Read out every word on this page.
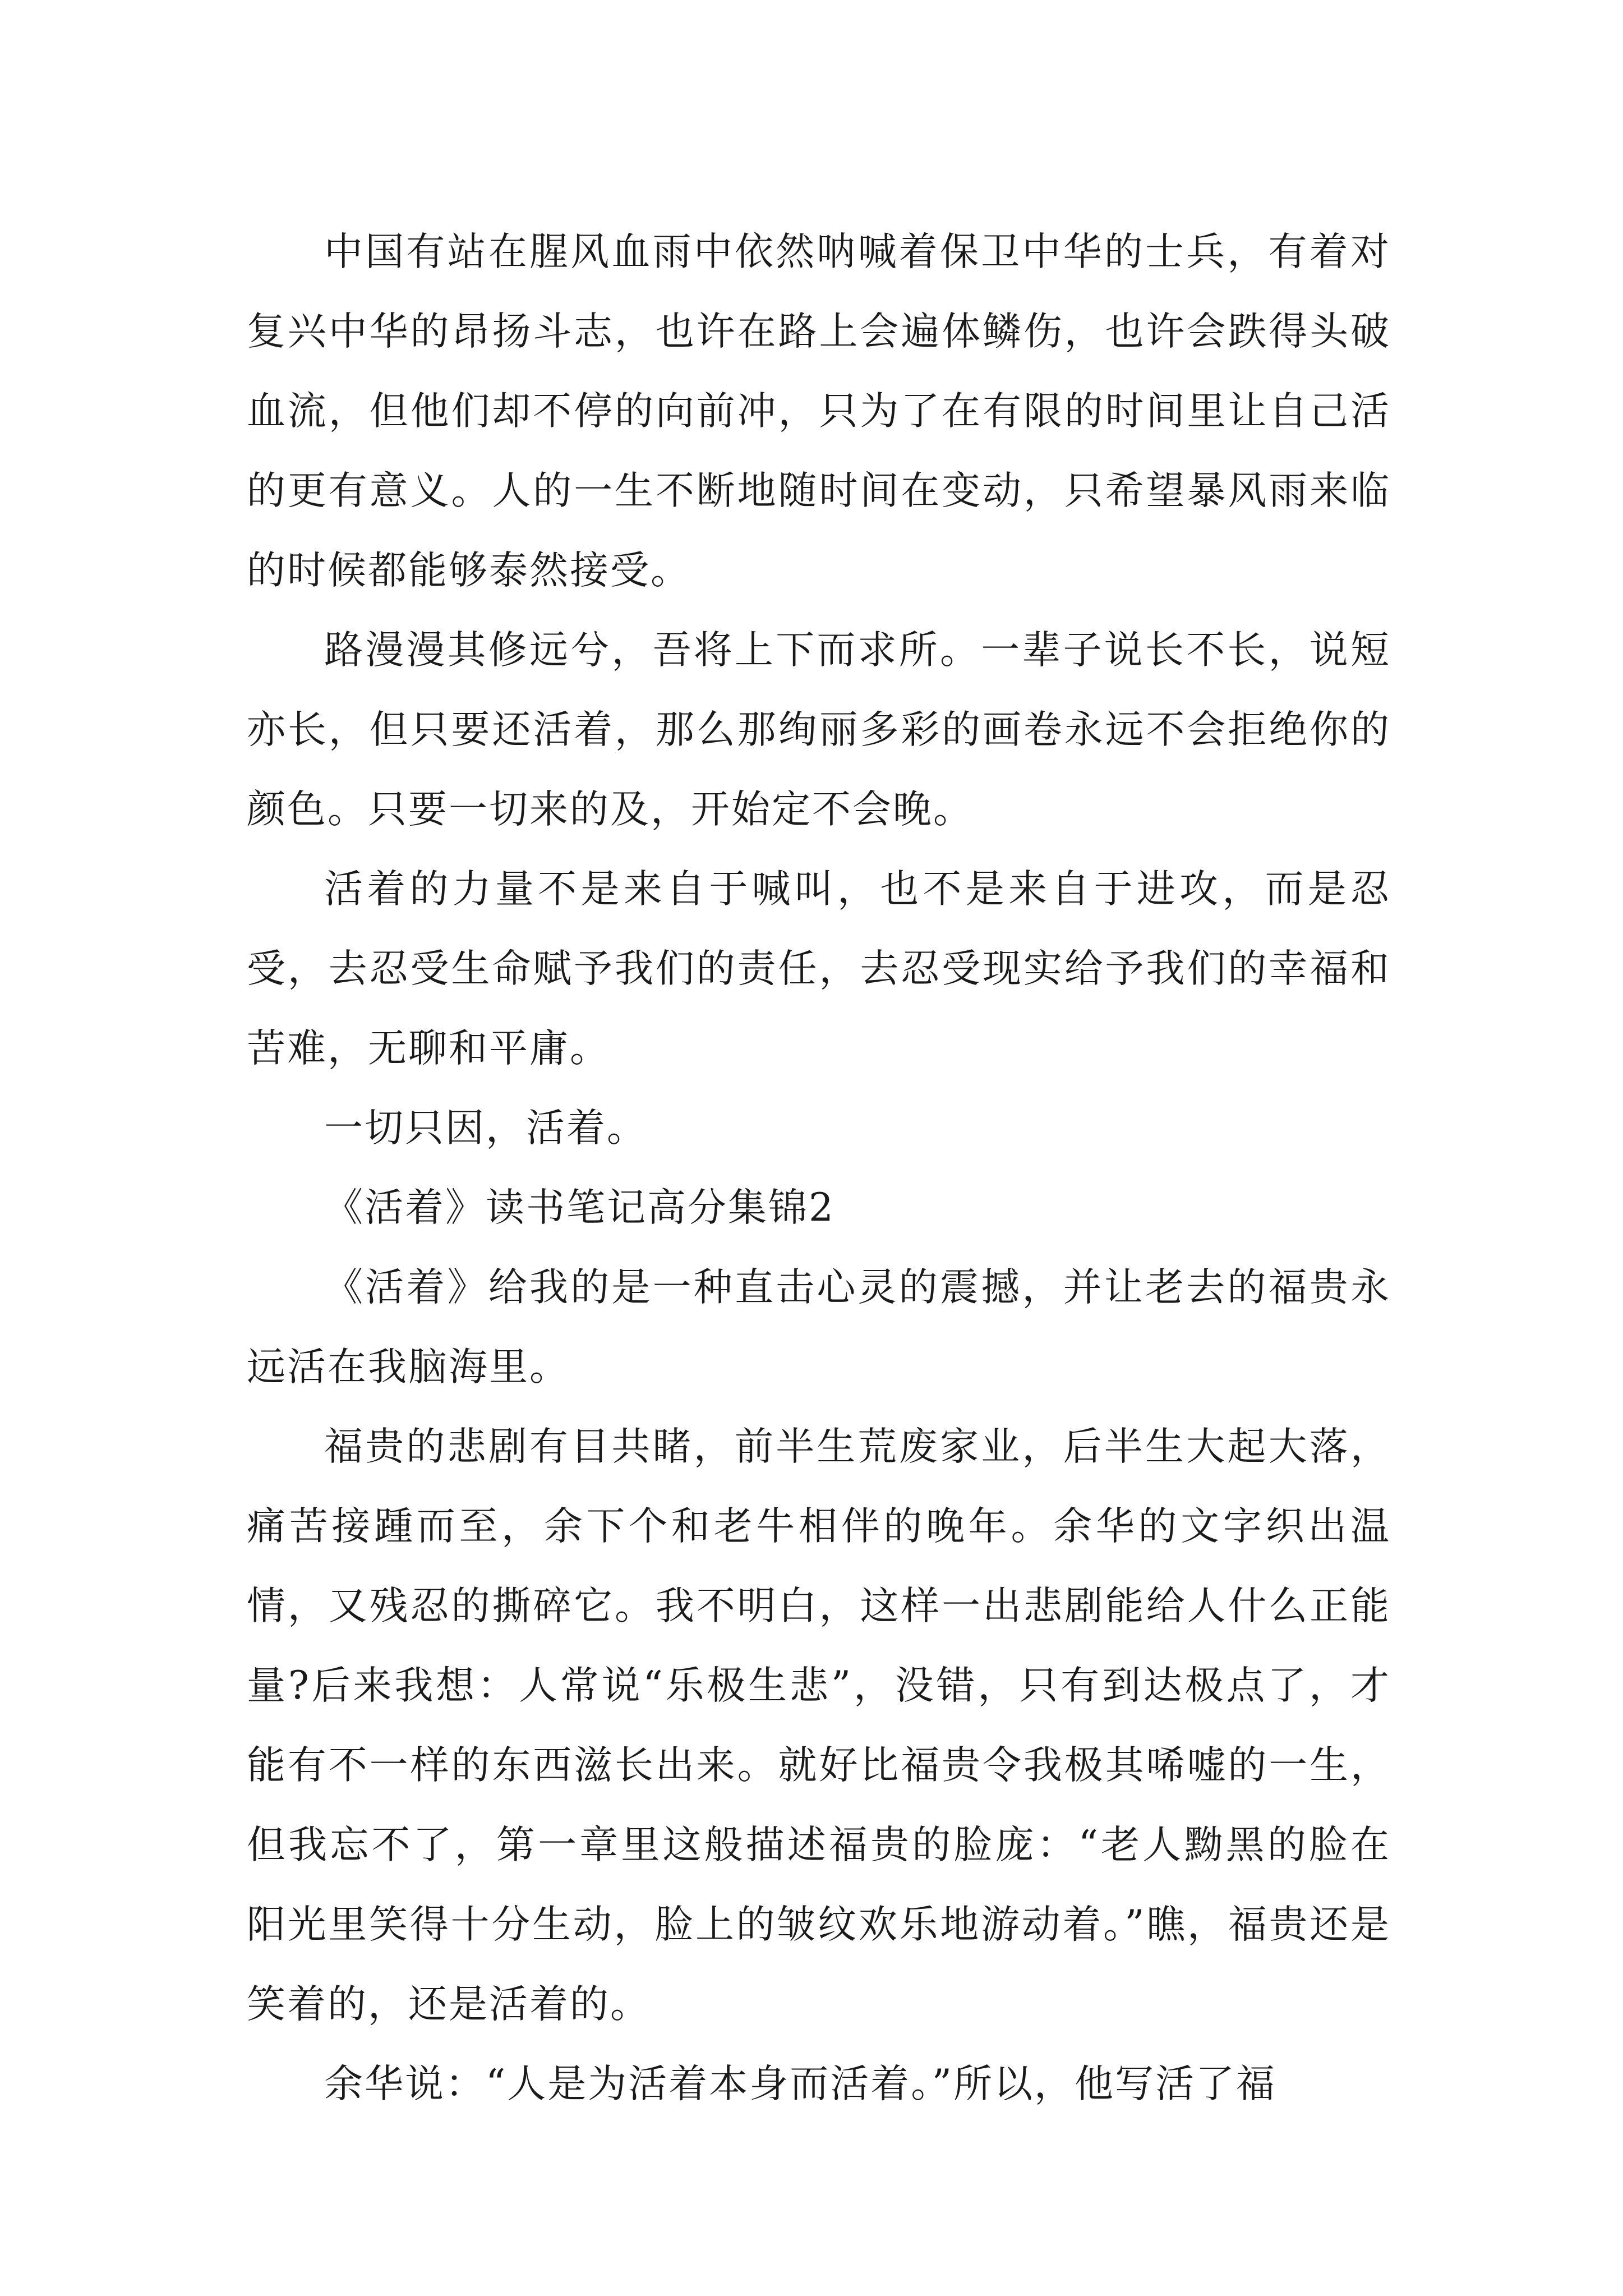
中国有站在腥风血雨中依然呐喊着保卫中华的士兵，有着对复兴中华的昂扬斗志，也许在路上会遍体鳞伤，也许会跌得头破血流，但他们却不停的向前冲，只为了在有限的时间里让自己活的更有意义。人的一生不断地随时间在变动，只希望暴风雨来临的时候都能够泰然接受。

路漫漫其修远兮，吾将上下而求所。一辈子说长不长，说短亦长，但只要还活着，那么那绚丽多彩的画卷永远不会拒绝你的颜色。只要一切来的及，开始定不会晚。

活着的力量不是来自于喊叫，也不是来自于进攻，而是忍受，去忍受生命赋予我们的责任，去忍受现实给予我们的幸福和苦难，无聊和平庸。

一切只因，活着。

《活着》读书笔记高分集锦2

《活着》给我的是一种直击心灵的震撼，并让老去的福贵永远活在我脑海里。

福贵的悲剧有目共睹，前半生荒废家业，后半生大起大落，痛苦接踵而至，余下个和老牛相伴的晚年。余华的文字织出温情，又残忍的撕碎它。我不明白，这样一出悲剧能给人什么正能量?后来我想：人常说“乐极生悲”，没错，只有到达极点了，才能有不一样的东西滋长出来。就好比福贵令我极其唏嘘的一生，但我忘不了，第一章里这般描述福贵的脸庞：“老人黝黑的脸在阳光里笑得十分生动，脸上的皱纹欢乐地游动着。”瞧，福贵还是笑着的，还是活着的。

余华说：“人是为活着本身而活着。”所以，他写活了福
